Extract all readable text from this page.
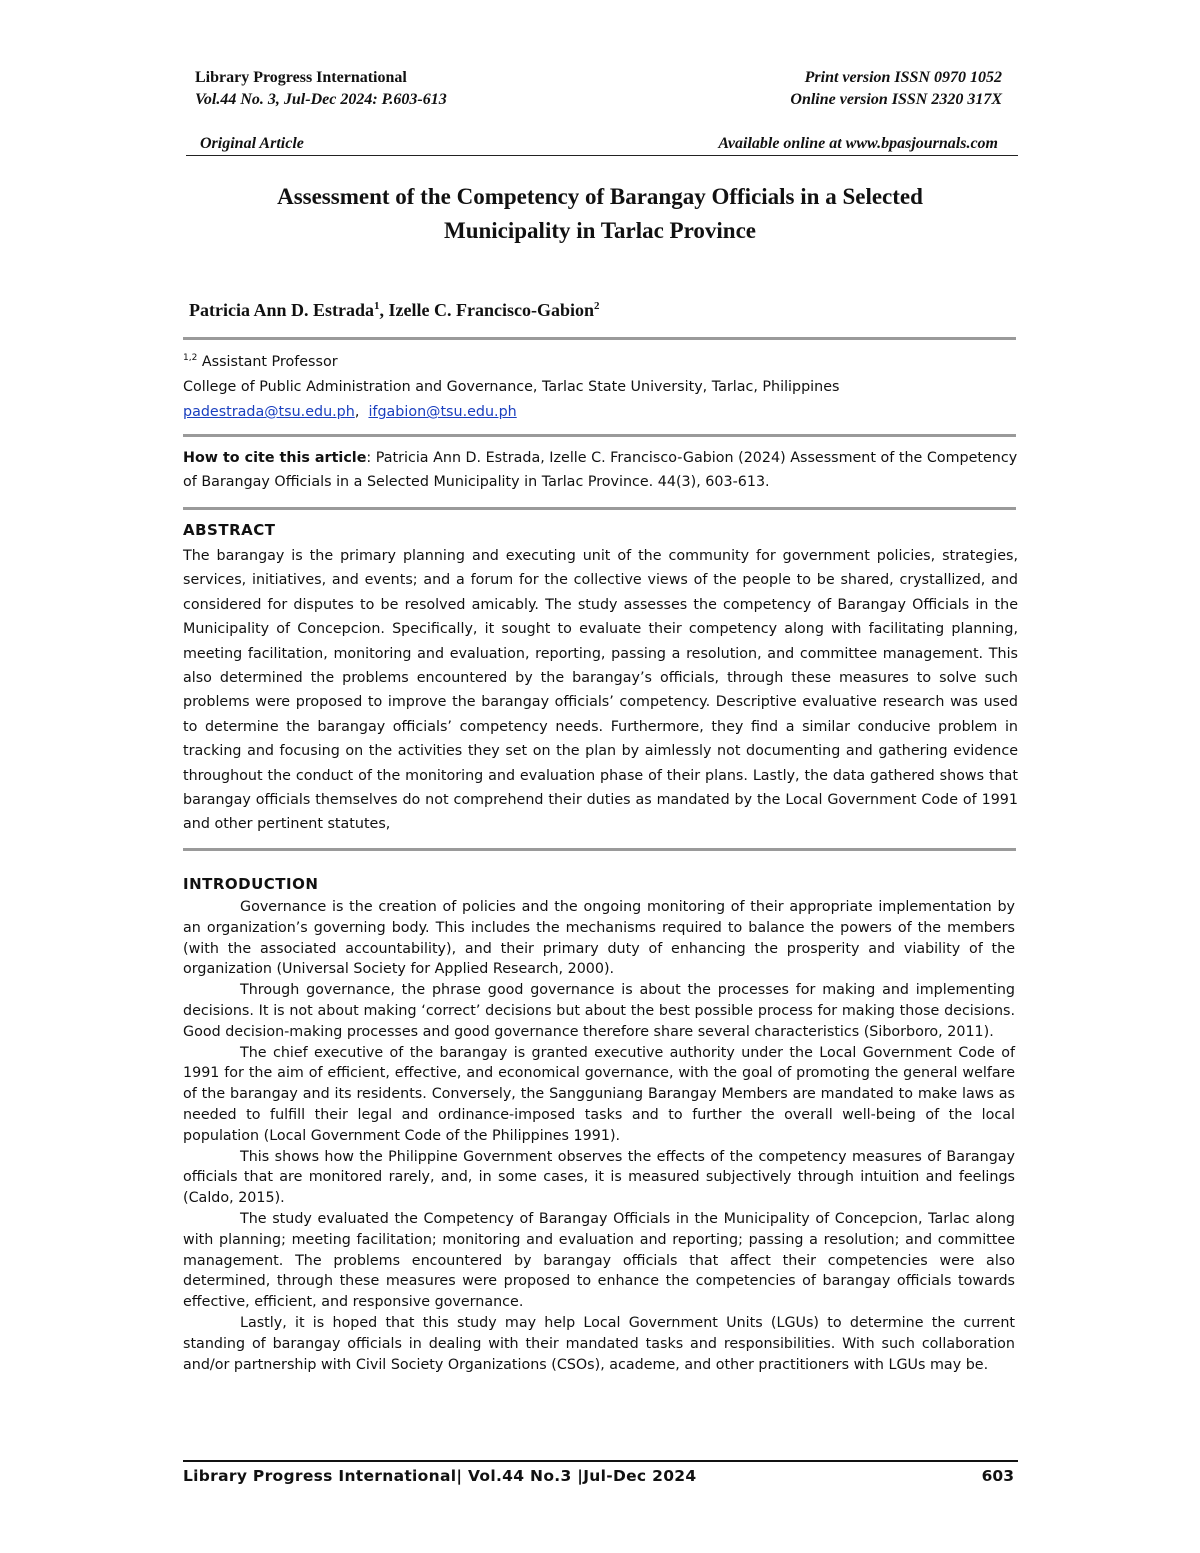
Library Progress International
Vol.44 No. 3, Jul-Dec 2024: P.603-613
Print version ISSN 0970 1052
Online version ISSN 2320 317X
Original Article	Available online at www.bpasjournals.com
Assessment of the Competency of Barangay Officials in a Selected
Municipality in Tarlac Province
Patricia Ann D. Estrada$^1$, Izelle C. Francisco-Gabion$^2$
$^{1,2}$ Assistant Professor
College of Public Administration and Governance, Tarlac State University, Tarlac, Philippines
padestrada@tsu.edu.ph, ifgabion@tsu.edu.ph
How to cite this article: Patricia Ann D. Estrada, Izelle C. Francisco-Gabion (2024) Assessment of the Competency of Barangay Officials in a Selected Municipality in Tarlac Province. 44(3), 603-613.
ABSTRACT
The barangay is the primary planning and executing unit of the community for government policies, strategies, services, initiatives, and events; and a forum for the collective views of the people to be shared, crystallized, and considered for disputes to be resolved amicably. The study assesses the competency of Barangay Officials in the Municipality of Concepcion. Specifically, it sought to evaluate their competency along with facilitating planning, meeting facilitation, monitoring and evaluation, reporting, passing a resolution, and committee management. This also determined the problems encountered by the barangay’s officials, through these measures to solve such problems were proposed to improve the barangay officials’ competency. Descriptive evaluative research was used to determine the barangay officials’ competency needs. Furthermore, they find a similar conducive problem in tracking and focusing on the activities they set on the plan by aimlessly not documenting and gathering evidence throughout the conduct of the monitoring and evaluation phase of their plans. Lastly, the data gathered shows that barangay officials themselves do not comprehend their duties as mandated by the Local Government Code of 1991 and other pertinent statutes,
INTRODUCTION

Governance is the creation of policies and the ongoing monitoring of their appropriate implementation by an organization’s governing body. This includes the mechanisms required to balance the powers of the members (with the associated accountability), and their primary duty of enhancing the prosperity and viability of the organization (Universal Society for Applied Research, 2000).

Through governance, the phrase good governance is about the processes for making and implementing decisions. It is not about making ‘correct’ decisions but about the best possible process for making those decisions. Good decision-making processes and good governance therefore share several characteristics (Siborboro, 2011).

The chief executive of the barangay is granted executive authority under the Local Government Code of 1991 for the aim of efficient, effective, and economical governance, with the goal of promoting the general welfare of the barangay and its residents. Conversely, the Sangguniang Barangay Members are mandated to make laws as needed to fulfill their legal and ordinance-imposed tasks and to further the overall well-being of the local population (Local Government Code of the Philippines 1991).

This shows how the Philippine Government observes the effects of the competency measures of Barangay officials that are monitored rarely, and, in some cases, it is measured subjectively through intuition and feelings (Caldo, 2015).

The study evaluated the Competency of Barangay Officials in the Municipality of Concepcion, Tarlac along with planning; meeting facilitation; monitoring and evaluation and reporting; passing a resolution; and committee management. The problems encountered by barangay officials that affect their competencies were also determined, through these measures were proposed to enhance the competencies of barangay officials towards effective, efficient, and responsive governance.

Lastly, it is hoped that this study may help Local Government Units (LGUs) to determine the current standing of barangay officials in dealing with their mandated tasks and responsibilities. With such collaboration and/or partnership with Civil Society Organizations (CSOs), academe, and other practitioners with LGUs may be.

Library Progress International| Vol.44 No.3 |Jul-Dec 2024	603
